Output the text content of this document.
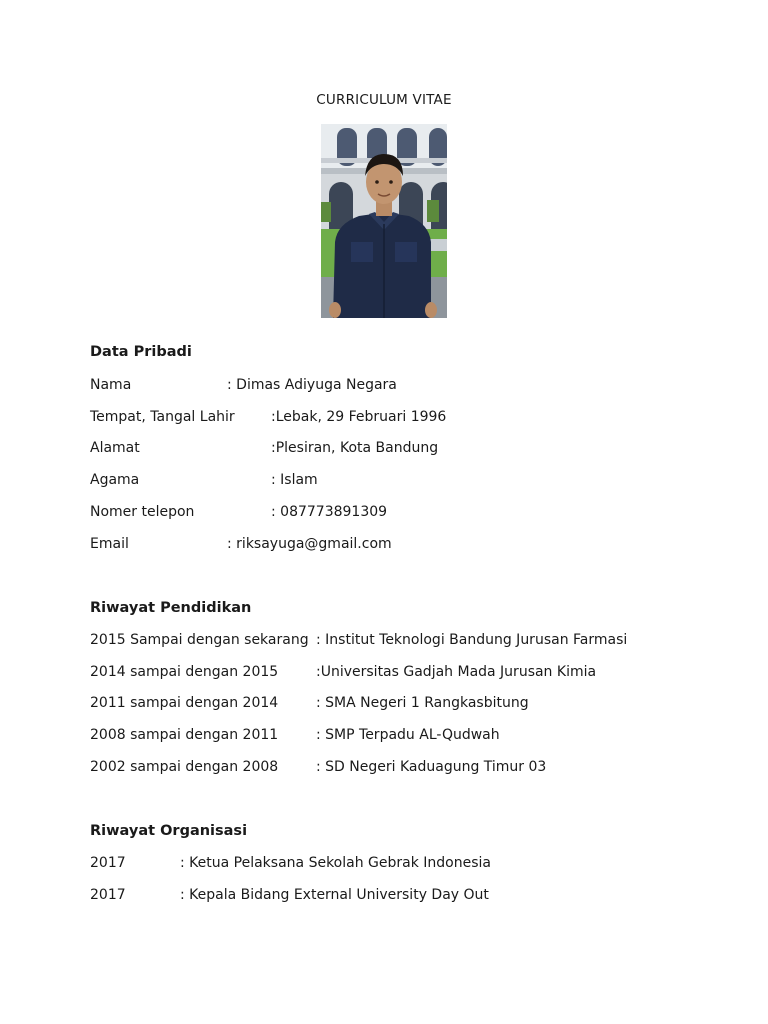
CURRICULUM VITAE
Data Pribadi
Nama	: Dimas Adiyuga Negara
Tempat, Tangal Lahir	:Lebak, 29 Februari 1996
Alamat	:Plesiran, Kota Bandung
Agama	: Islam
Nomer telepon	: 087773891309
Email	: riksayuga@gmail.com
Riwayat Pendidikan
2015 Sampai dengan sekarang : Institut Teknologi Bandung Jurusan Farmasi
2014 sampai dengan 2015	:Universitas Gadjah Mada Jurusan Kimia
2011 sampai dengan 2014	: SMA Negeri 1 Rangkasbitung
2008 sampai dengan 2011	: SMP Terpadu AL-Qudwah
2002 sampai dengan 2008	: SD Negeri Kaduagung Timur 03
Riwayat Organisasi
2017	: Ketua Pelaksana Sekolah Gebrak Indonesia
2017	: Kepala Bidang External University Day Out
